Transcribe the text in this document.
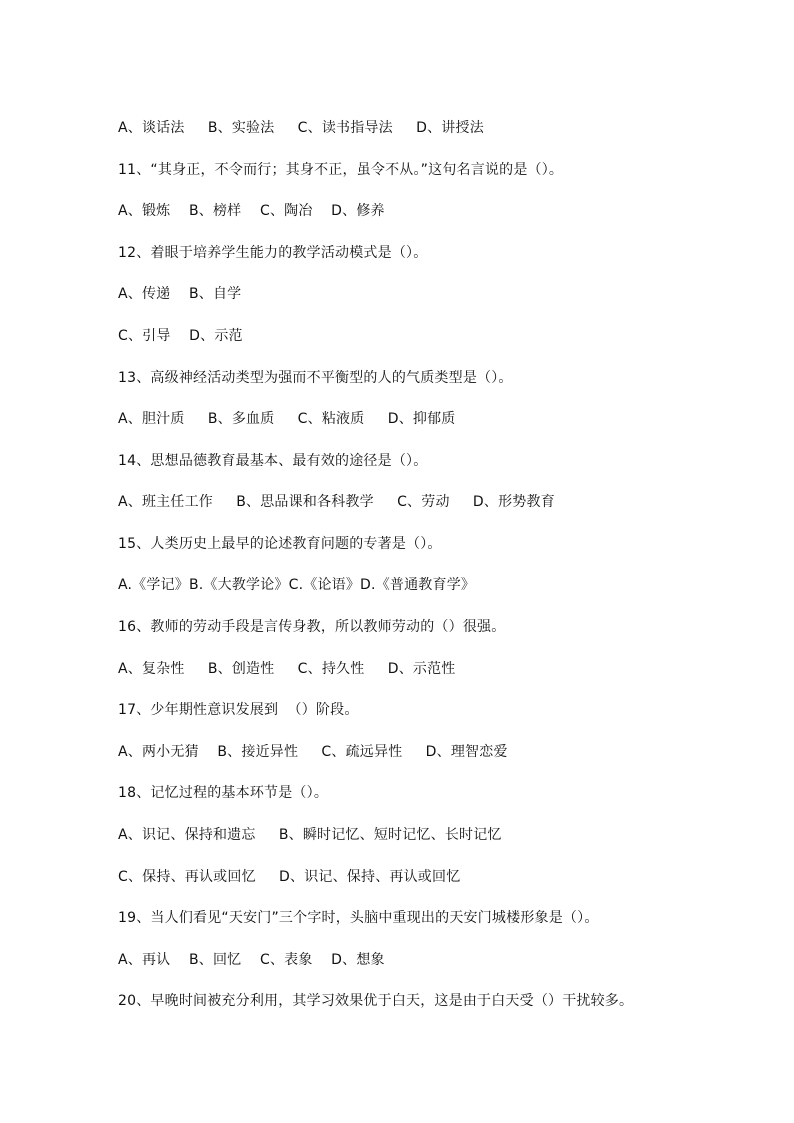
A、谈话法     B、实验法     C、读书指导法     D、讲授法
11、“其身正，不令而行；其身不正，虽令不从。”这句名言说的是（）。
A、锻炼    B、榜样    C、陶冶    D、修养
12、着眼于培养学生能力的教学活动模式是（）。
A、传递    B、自学
C、引导    D、示范
13、高级神经活动类型为强而不平衡型的人的气质类型是（）。
A、胆汁质     B、多血质     C、粘液质     D、抑郁质
14、思想品德教育最基本、最有效的途径是（）。
A、班主任工作     B、思品课和各科教学     C、劳动     D、形势教育
15、人类历史上最早的论述教育问题的专著是（）。
A.《学记》B.《大教学论》C.《论语》D.《普通教育学》
16、教师的劳动手段是言传身教，所以教师劳动的（）很强。
A、复杂性     B、创造性     C、持久性     D、示范性
17、少年期性意识发展到  （）阶段。
A、两小无猜    B、接近异性     C、疏远异性     D、理智恋爱
18、记忆过程的基本环节是（）。
A、识记、保持和遗忘     B、瞬时记忆、短时记忆、长时记忆
C、保持、再认或回忆     D、识记、保持、再认或回忆
19、当人们看见“天安门”三个字时，头脑中重现出的天安门城楼形象是（）。
A、再认    B、回忆    C、表象    D、想象
20、早晚时间被充分利用，其学习效果优于白天，这是由于白天受（）干扰较多。
